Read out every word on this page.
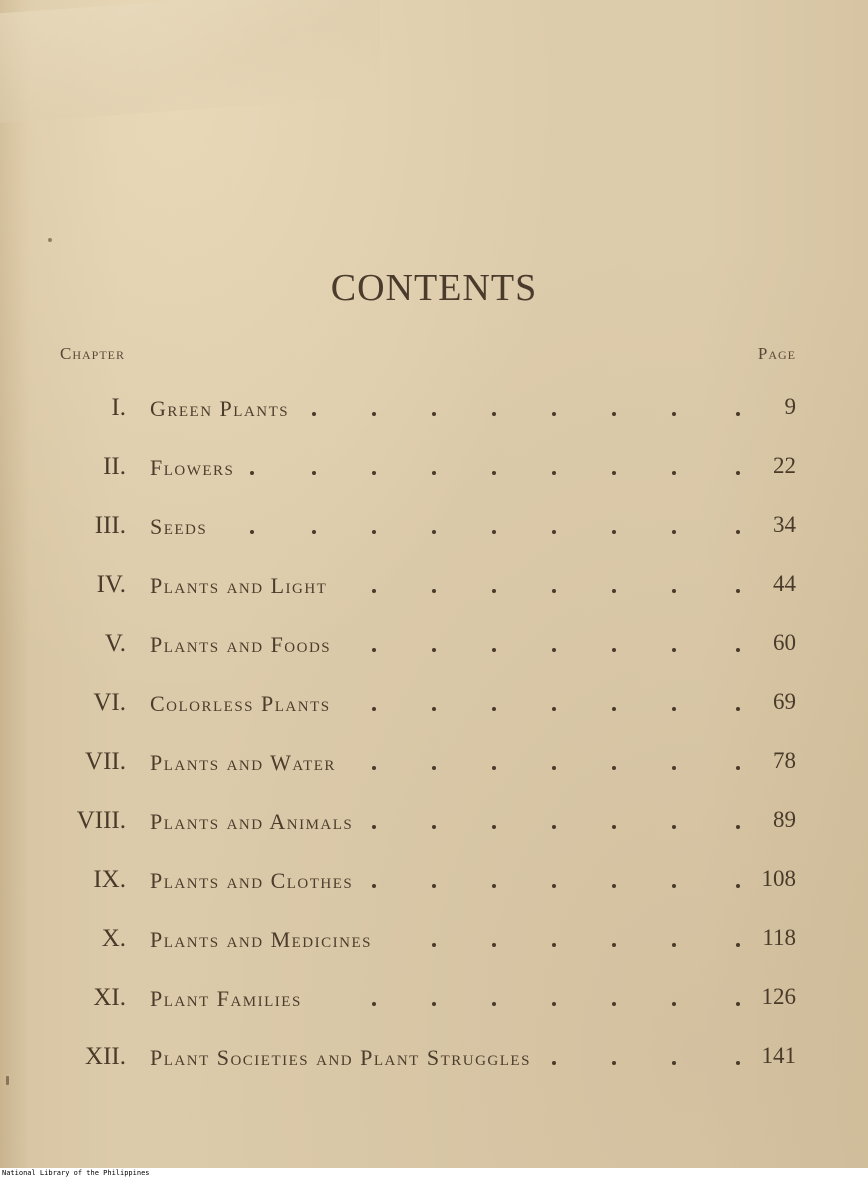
CONTENTS
Chapter	Page
I. Green Plants	9
II. Flowers	22
III. Seeds	34
IV. Plants and Light	44
V. Plants and Foods	60
VI. Colorless Plants	69
VII. Plants and Water	78
VIII. Plants and Animals	89
IX. Plants and Clothes	108
X. Plants and Medicines	118
XI. Plant Families	126
XII. Plant Societies and Plant Struggles	141
National Library of the Philippines
